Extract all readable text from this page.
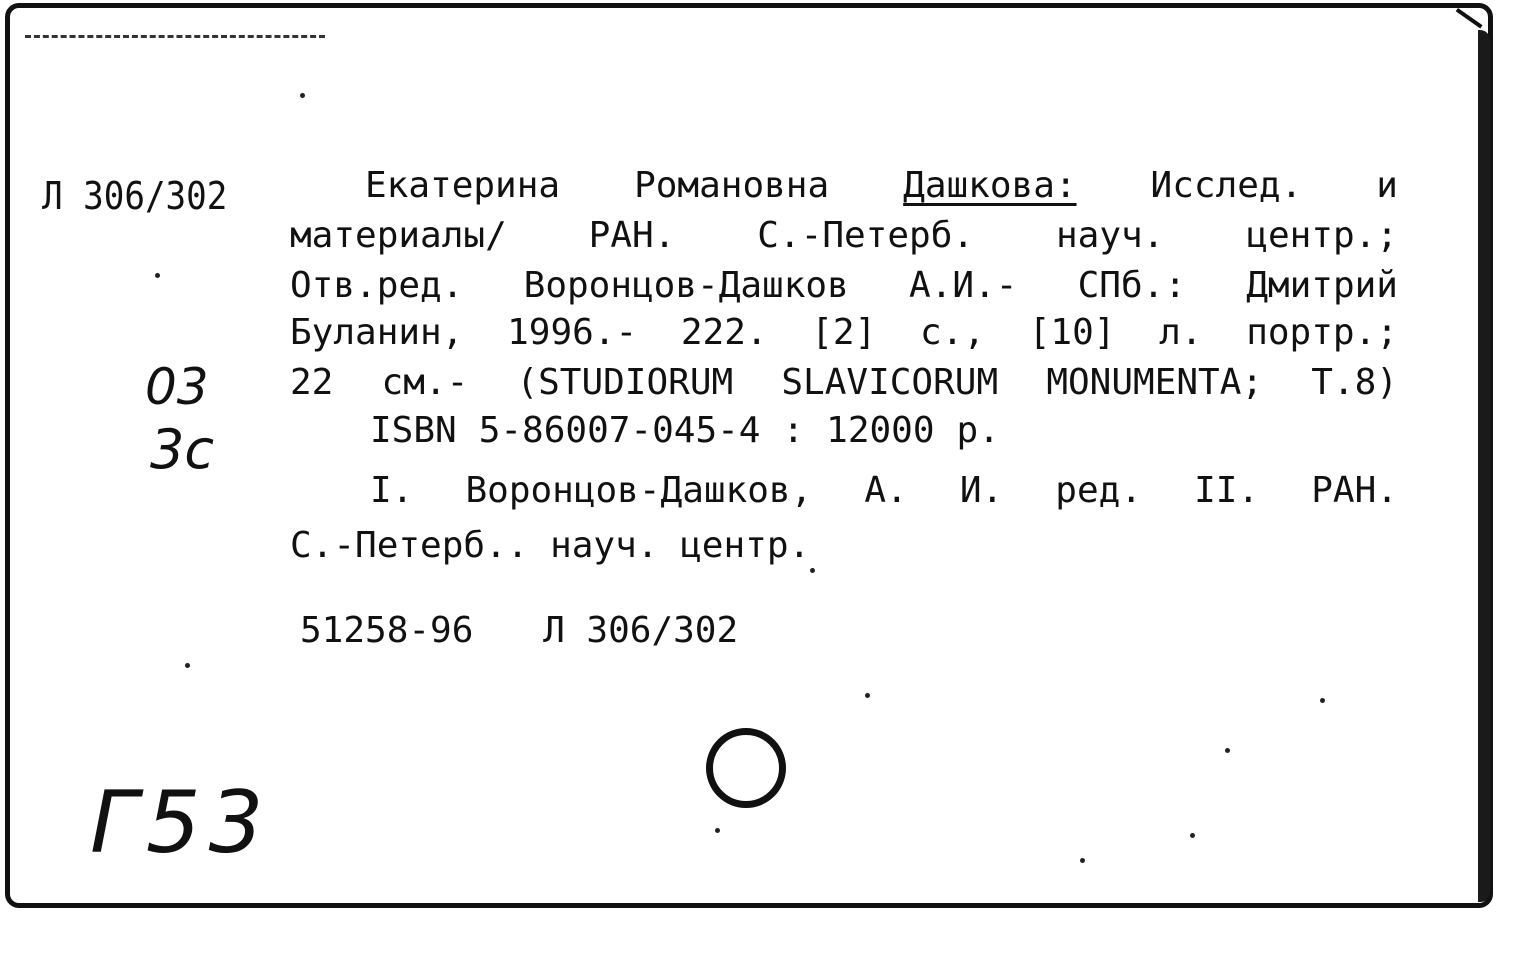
Л 306/302	Екатерина Романовна Дашкова: Исслед. и
материалы/ РАН. С.-Петерб. науч. центр.;
Отв.ред. Воронцов-Дашков А.И.- СПб.: Дмитрий
Буланин, 1996.- 222. [2] с., [10] л. портр.;
22 см.- (STUDIORUM SLAVICORUM MONUMENTA; Т.8)
ISBN 5-86007-045-4 : 12000 р.
I. Воронцов-Дашков, А. И. ред. II. РАН.
С.-Петерб.. науч. центр.
51258-96 Л 306/302
03
3с
Г53
